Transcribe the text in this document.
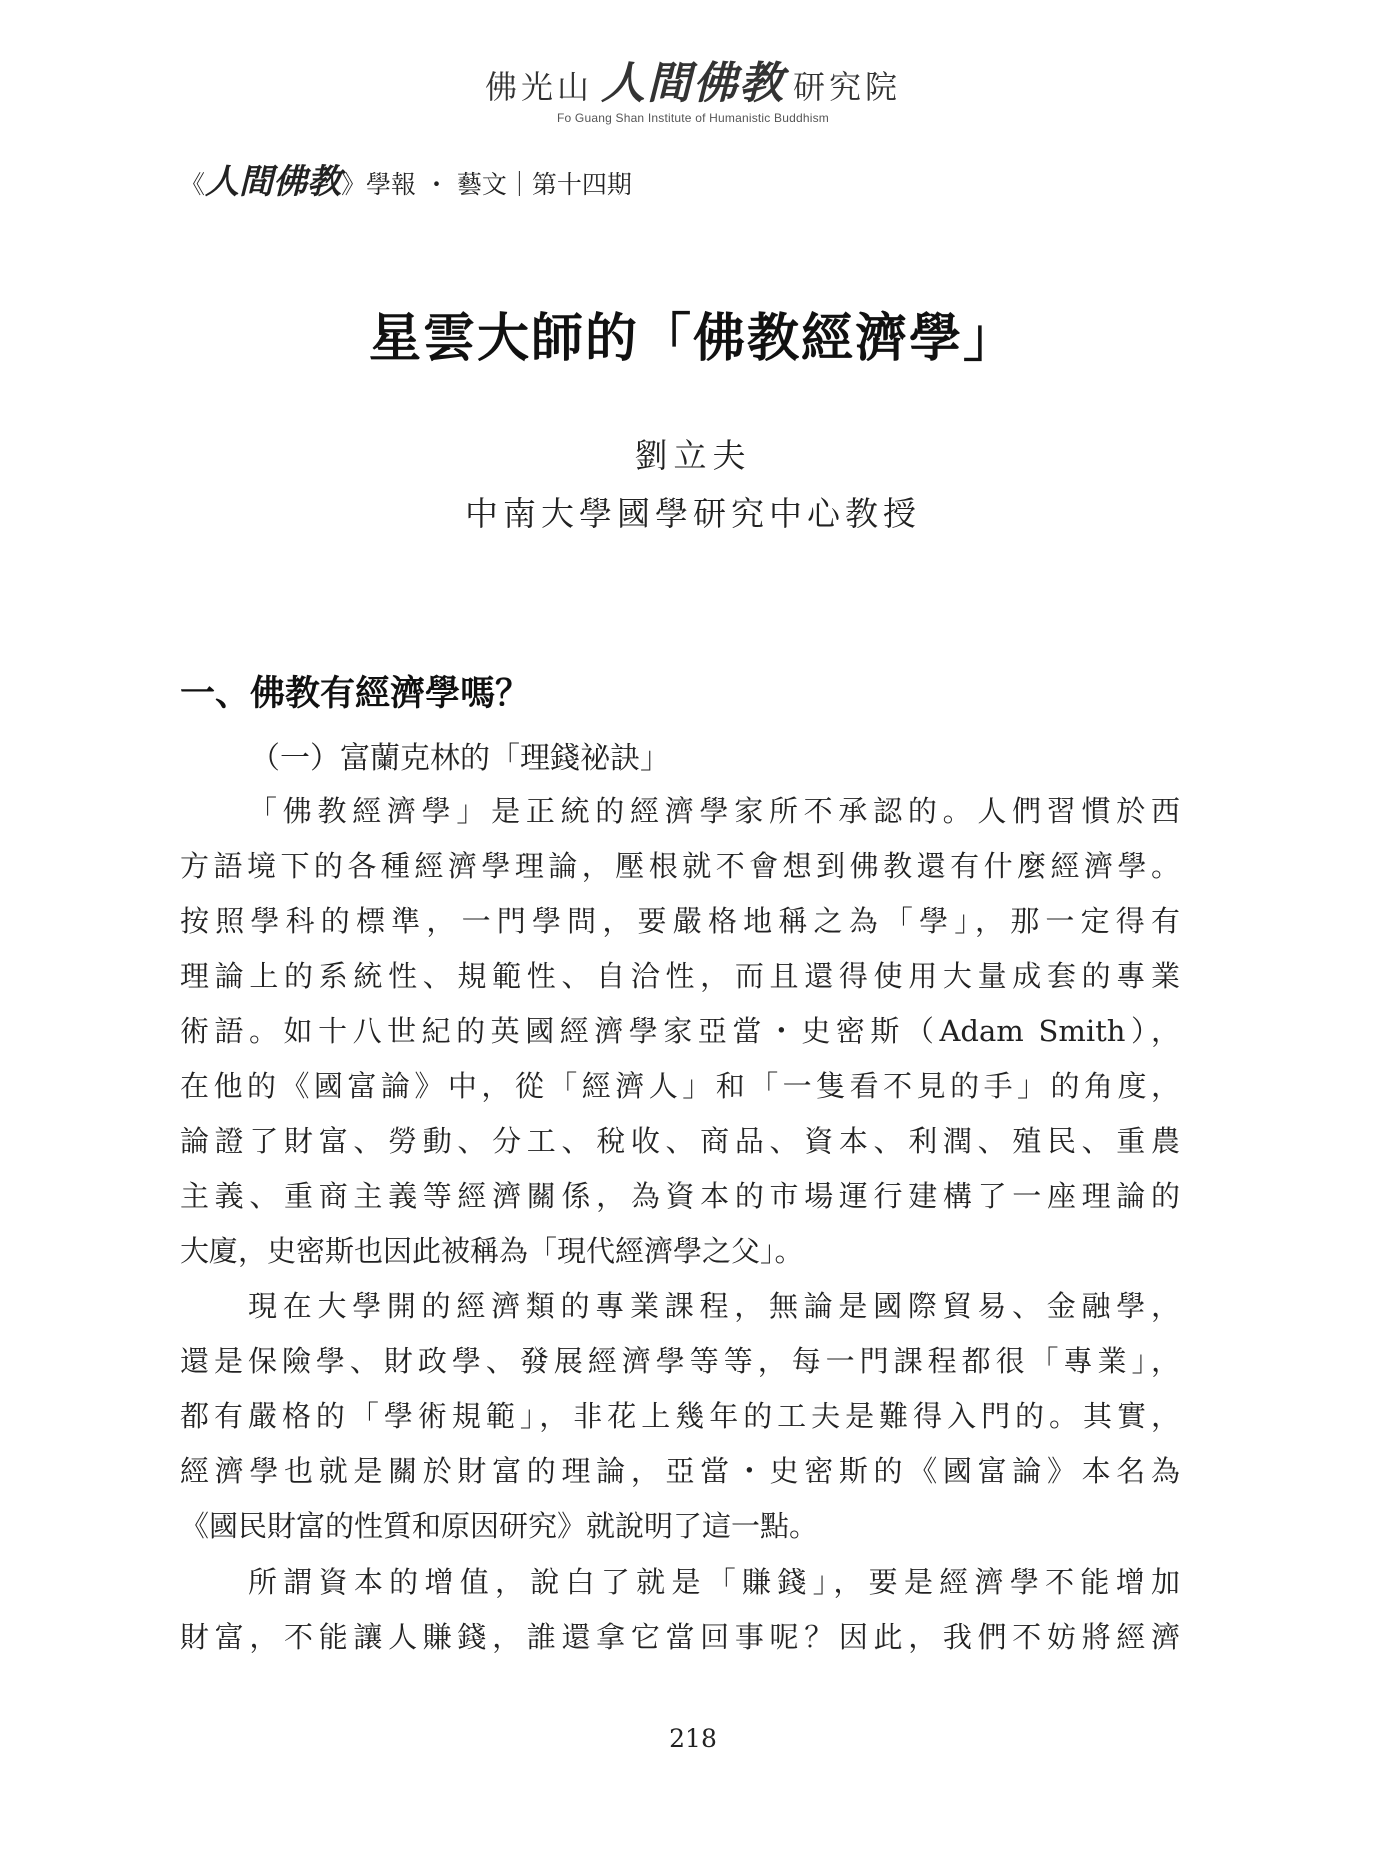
佛光山 人間佛教 研究院
Fo Guang Shan Institute of Humanistic Buddhism
《人間佛教》學報 ・ 藝文｜第十四期
星雲大師的「佛教經濟學」
劉立夫
中南大學國學研究中心教授
一、佛教有經濟學嗎？
（一）富蘭克林的「理錢祕訣」
「佛教經濟學」是正統的經濟學家所不承認的。人們習慣於西
方語境下的各種經濟學理論，壓根就不會想到佛教還有什麼經濟學。
按照學科的標準，一門學問，要嚴格地稱之為「學」，那一定得有
理論上的系統性、規範性、自洽性，而且還得使用大量成套的專業
術語。如十八世紀的英國經濟學家亞當・史密斯（Adam Smith），
在他的《國富論》中，從「經濟人」和「一隻看不見的手」的角度，
論證了財富、勞動、分工、稅收、商品、資本、利潤、殖民、重農
主義、重商主義等經濟關係，為資本的市場運行建構了一座理論的
大廈，史密斯也因此被稱為「現代經濟學之父」。
現在大學開的經濟類的專業課程，無論是國際貿易、金融學，
還是保險學、財政學、發展經濟學等等，每一門課程都很「專業」，
都有嚴格的「學術規範」，非花上幾年的工夫是難得入門的。其實，
經濟學也就是關於財富的理論，亞當・史密斯的《國富論》本名為
《國民財富的性質和原因研究》就說明了這一點。
所謂資本的增值，說白了就是「賺錢」，要是經濟學不能增加
財富，不能讓人賺錢，誰還拿它當回事呢？因此，我們不妨將經濟
218
